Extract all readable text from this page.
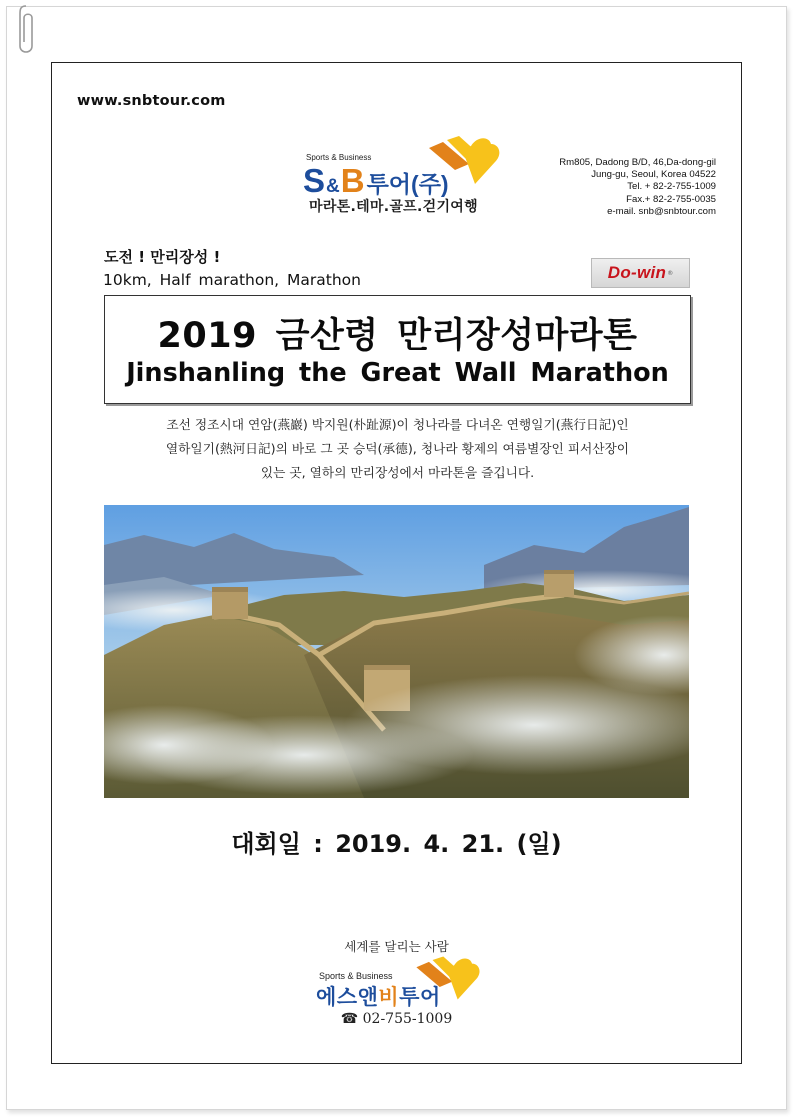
www.snbtour.com
Sports & Business
S&B투어(주)
마라톤.테마.골프.걷기여행
Rm805, Dadong B/D, 46,Da-dong-gil
Jung-gu, Seoul, Korea 04522
Tel. + 82-2-755-1009
Fax.+ 82-2-755-0035
e-mail. snb@snbtour.com
도전 ! 만리장성 !
10km, Half marathon, Marathon	Do-win ®
2019 금산령 만리장성마라톤
Jinshanling the Great Wall Marathon
조선 정조시대 연암(燕巖) 박지원(朴趾源)이 청나라를 다녀온 연행일기(燕行日記)인
열하일기(熱河日記)의 바로 그 곳 승덕(承德), 청나라 황제의 여름별장인 피서산장이
있는 곳, 열하의 만리장성에서 마라톤을 즐깁니다.
대회일 : 2019. 4. 21. (일)
세계를 달리는 사람
Sports & Business
에스앤비투어
☎ 02-755-1009
